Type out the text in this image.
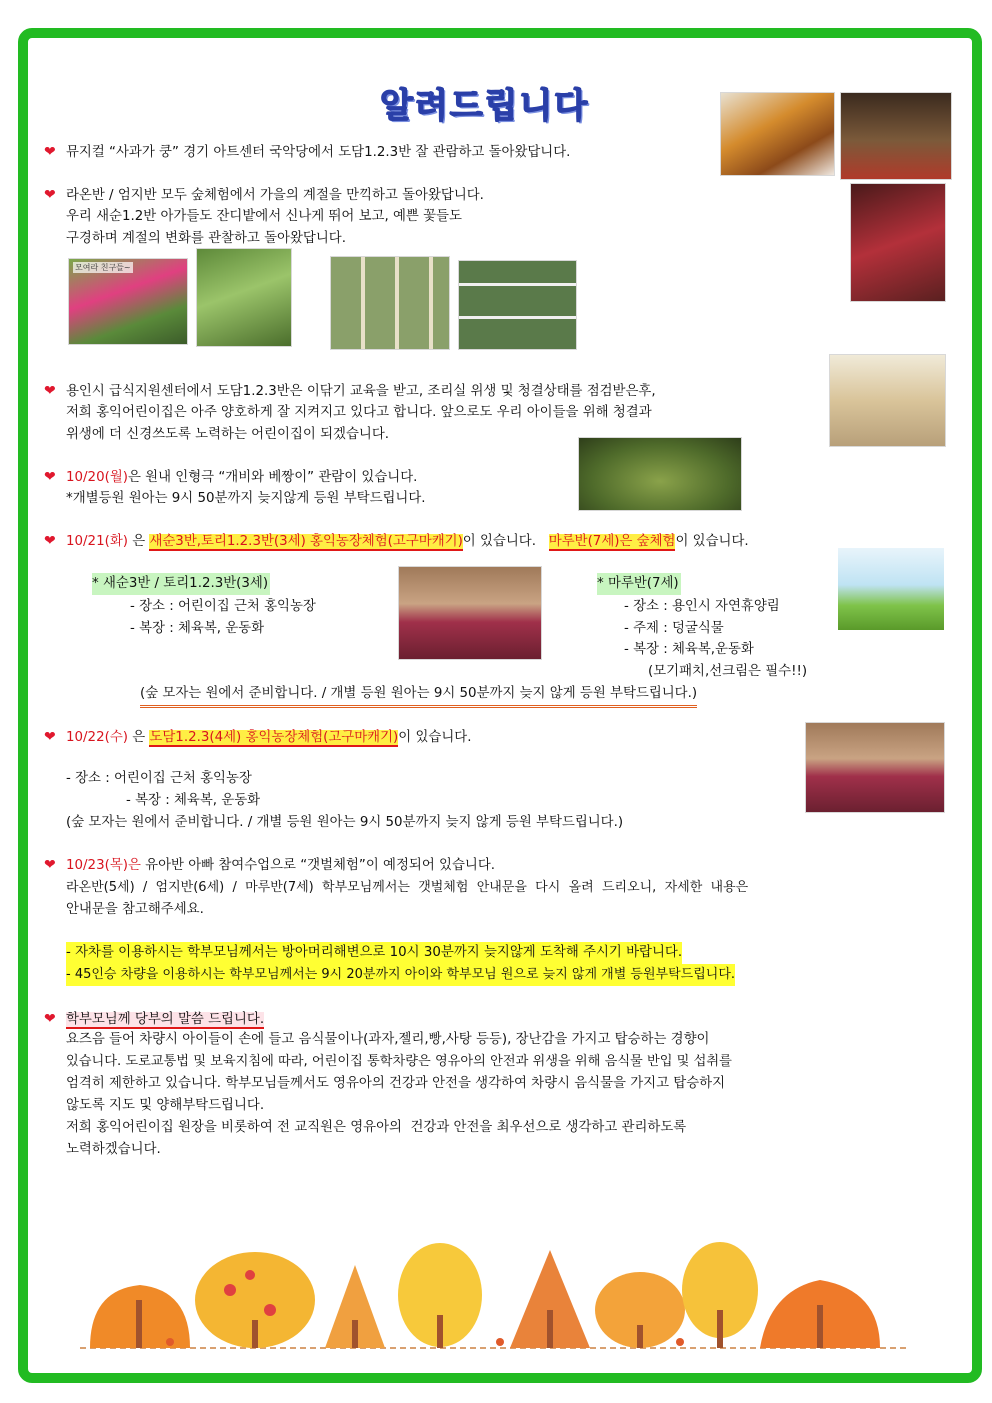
알려드립니다
❤ 뮤지컬 “사과가 쿵” 경기 아트센터 국악당에서 도담1.2.3반 잘 관람하고 돌아왔답니다.
❤ 라온반 / 엄지반 모두 숲체험에서 가을의 계절을 만끽하고 돌아왔답니다.
우리 새순1.2반 아가들도 잔디밭에서 신나게 뛰어 보고, 예쁜 꽃들도
구경하며 계절의 변화를 관찰하고 돌아왔답니다.
모여라 친구들~
❤ 용인시 급식지원센터에서 도담1.2.3반은 이닦기 교육을 받고, 조리실 위생 및 청결상태를 점검받은후,
저희 홍익어린이집은 아주 양호하게 잘 지켜지고 있다고 합니다. 앞으로도 우리 아이들을 위해 청결과
위생에 더 신경쓰도록 노력하는 어린이집이 되겠습니다.
❤ 10/20(월)은 원내 인형극 “개비와 베짱이” 관람이 있습니다.
*개별등원 원아는 9시 50분까지 늦지않게 등원 부탁드립니다.
❤ 10/21(화) 은 새순3반,토리1.2.3반(3세) 홍익농장체험(고구마캐기)이 있습니다.   마루반(7세)은 숲체험이 있습니다.
* 새순3반 / 토리1.2.3반(3세)
- 장소 : 어린이집 근처 홍익농장
- 복장 : 체육복, 운동화
* 마루반(7세)
- 장소 : 용인시 자연휴양림
- 주제 : 덩굴식물
- 복장 : 체육복,운동화
(모기패치,선크림은 필수!!)
(숲 모자는 원에서 준비합니다. / 개별 등원 원아는 9시 50분까지 늦지 않게 등원 부탁드립니다.)
❤ 10/22(수) 은 도담1.2.3(4세) 홍익농장체험(고구마캐기)이 있습니다.
- 장소 : 어린이집 근처 홍익농장
- 복장 : 체육복, 운동화
(숲 모자는 원에서 준비합니다. / 개별 등원 원아는 9시 50분까지 늦지 않게 등원 부탁드립니다.)
❤ 10/23(목)은 유아반 아빠 참여수업으로 “갯벌체험”이 예정되어 있습니다.
라온반(5세)  /  엄지반(6세)  /  마루반(7세)  학부모님께서는  갯벌체험  안내문을  다시  올려  드리오니,  자세한  내용은
안내문을 참고해주세요.
- 자차를 이용하시는 학부모님께서는 방아머리해변으로 10시 30분까지 늦지않게 도착해 주시기 바랍니다.
- 45인승 차량을 이용하시는 학부모님께서는 9시 20분까지 아이와 학부모님 원으로 늦지 않게 개별 등원부탁드립니다.
❤ 학부모님께 당부의 말씀 드립니다.
요즈음 들어 차량시 아이들이 손에 들고 음식물이나(과자,젤리,빵,사탕 등등), 장난감을 가지고 탑승하는 경향이
있습니다. 도로교통법 및 보육지침에 따라, 어린이집 통학차량은 영유아의 안전과 위생을 위해 음식물 반입 및 섭취를
엄격히 제한하고 있습니다. 학부모님들께서도 영유아의 건강과 안전을 생각하여 차량시 음식물을 가지고 탑승하지
않도록 지도 및 양해부탁드립니다.
저희 홍익어린이집 원장을 비롯하여 전 교직원은 영유아의  건강과 안전을 최우선으로 생각하고 관리하도록
노력하겠습니다.
